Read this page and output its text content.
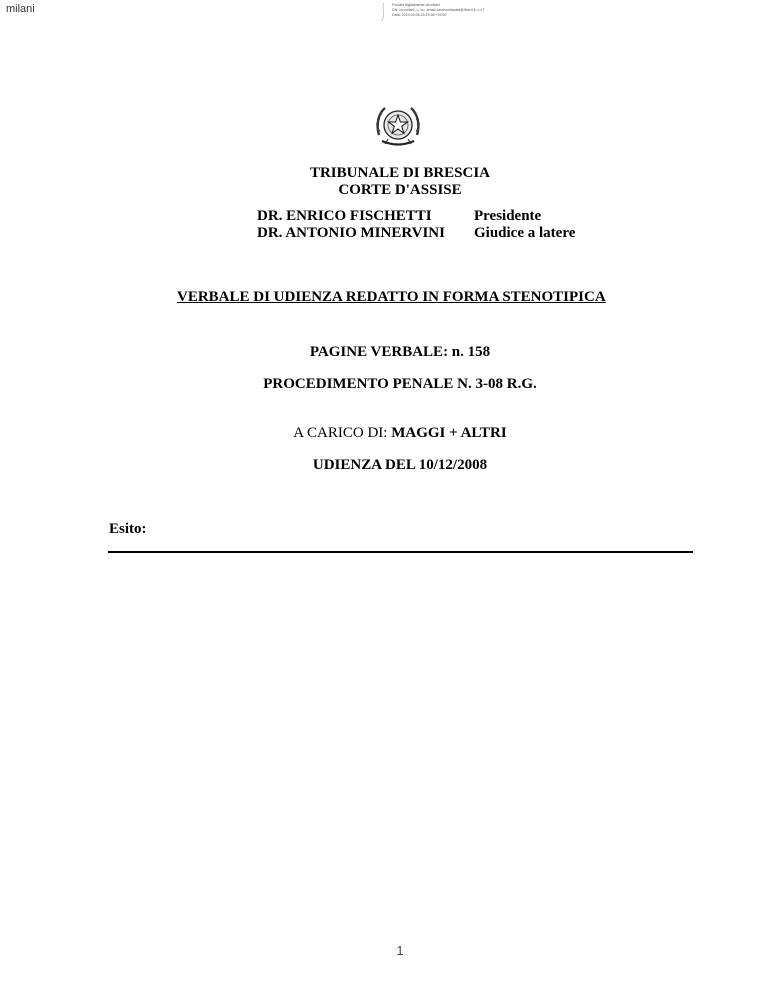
milani	Firmato digitalmente da milani
DN: cn=milani, o, ou, email=centromilanisa@libero.it, c=IT
Data: 2010.09.06 15:19:36 +02'00'
TRIBUNALE DI BRESCIA
CORTE D'ASSISE
DR. ENRICO FISCHETTI	Presidente
DR. ANTONIO MINERVINI	Giudice a latere
VERBALE DI UDIENZA REDATTO IN FORMA STENOTIPICA
PAGINE VERBALE: n. 158
PROCEDIMENTO PENALE N. 3-08 R.G.
A CARICO DI: MAGGI + ALTRI
UDIENZA DEL 10/12/2008
Esito:
1
